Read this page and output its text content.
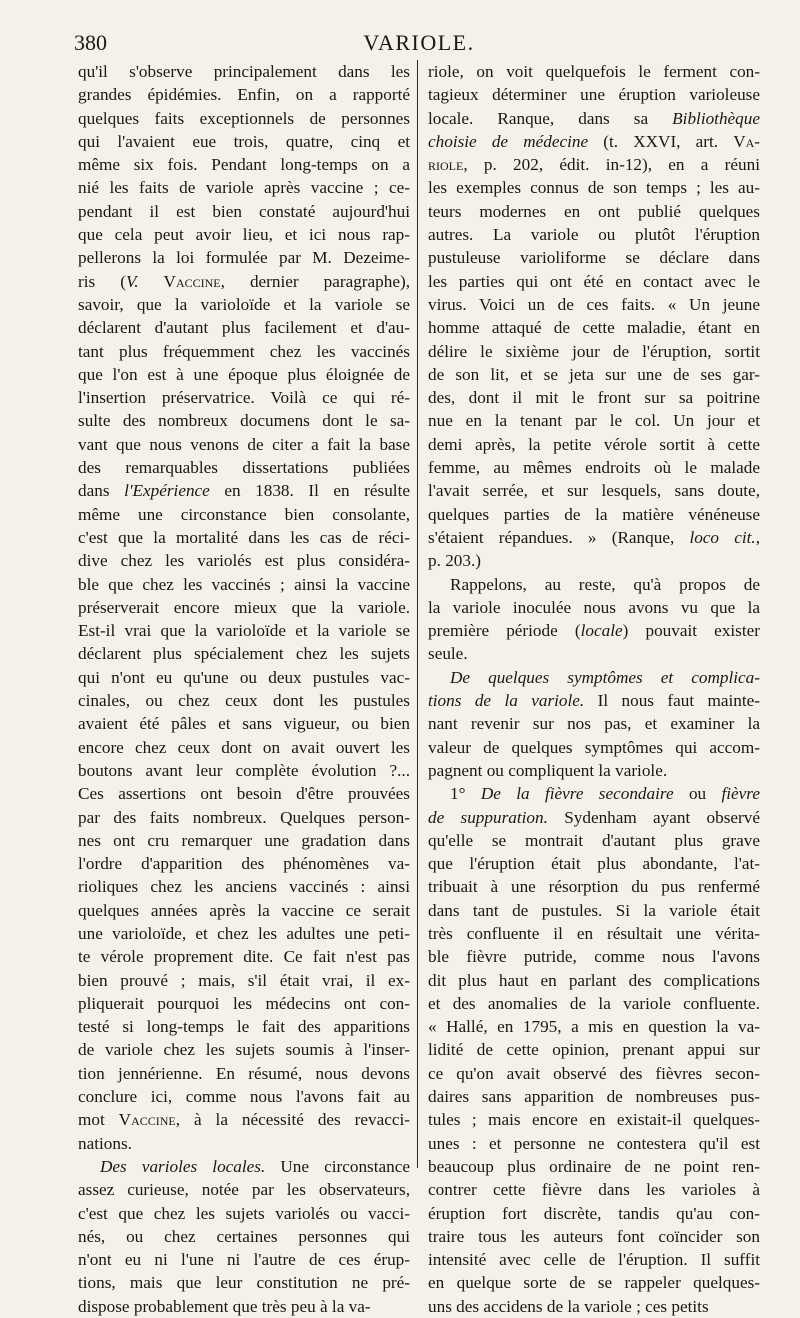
380	VARIOLE.
qu'il s'observe principalement dans les
grandes épidémies. Enfin, on a rapporté
quelques faits exceptionnels de personnes
qui l'avaient eue trois, quatre, cinq et
même six fois. Pendant long-temps on a
nié les faits de variole après vaccine ; ce-
pendant il est bien constaté aujourd'hui
que cela peut avoir lieu, et ici nous rap-
pellerons la loi formulée par M. Dezeime-
ris (V. Vaccine, dernier paragraphe),
savoir, que la varioloïde et la variole se
déclarent d'autant plus facilement et d'au-
tant plus fréquemment chez les vaccinés
que l'on est à une époque plus éloignée de
l'insertion préservatrice. Voilà ce qui ré-
sulte des nombreux documens dont le sa-
vant que nous venons de citer a fait la base
des remarquables dissertations publiées
dans l'Expérience en 1838. Il en résulte
même une circonstance bien consolante,
c'est que la mortalité dans les cas de réci-
dive chez les variolés est plus considéra-
ble que chez les vaccinés ; ainsi la vaccine
préserverait encore mieux que la variole.
Est-il vrai que la varioloïde et la variole se
déclarent plus spécialement chez les sujets
qui n'ont eu qu'une ou deux pustules vac-
cinales, ou chez ceux dont les pustules
avaient été pâles et sans vigueur, ou bien
encore chez ceux dont on avait ouvert les
boutons avant leur complète évolution ?...
Ces assertions ont besoin d'être prouvées
par des faits nombreux. Quelques person-
nes ont cru remarquer une gradation dans
l'ordre d'apparition des phénomènes va-
rioliques chez les anciens vaccinés : ainsi
quelques années après la vaccine ce serait
une varioloïde, et chez les adultes une peti-
te vérole proprement dite. Ce fait n'est pas
bien prouvé ; mais, s'il était vrai, il ex-
pliquerait pourquoi les médecins ont con-
testé si long-temps le fait des apparitions
de variole chez les sujets soumis à l'inser-
tion jennérienne. En résumé, nous devons
conclure ici, comme nous l'avons fait au
mot Vaccine, à la nécessité des revacci-
nations.
Des varioles locales. Une circonstance
assez curieuse, notée par les observateurs,
c'est que chez les sujets variolés ou vacci-
nés, ou chez certaines personnes qui
n'ont eu ni l'une ni l'autre de ces érup-
tions, mais que leur constitution ne pré-
dispose probablement que très peu à la va-
riole, on voit quelquefois le ferment con-
tagieux déterminer une éruption varioleuse
locale. Ranque, dans sa Bibliothèque
choisie de médecine (t. XXVI, art. Va-
riole, p. 202, édit. in-12), en a réuni
les exemples connus de son temps ; les au-
teurs modernes en ont publié quelques
autres. La variole ou plutôt l'éruption
pustuleuse varioliforme se déclare dans
les parties qui ont été en contact avec le
virus. Voici un de ces faits. « Un jeune
homme attaqué de cette maladie, étant en
délire le sixième jour de l'éruption, sortit
de son lit, et se jeta sur une de ses gar-
des, dont il mit le front sur sa poitrine
nue en la tenant par le col. Un jour et
demi après, la petite vérole sortit à cette
femme, au mêmes endroits où le malade
l'avait serrée, et sur lesquels, sans doute,
quelques parties de la matière vénéneuse
s'étaient répandues. » (Ranque, loco cit.,
p. 203.)
Rappelons, au reste, qu'à propos de
la variole inoculée nous avons vu que la
première période (locale) pouvait exister
seule.
De quelques symptômes et complica-
tions de la variole. Il nous faut mainte-
nant revenir sur nos pas, et examiner la
valeur de quelques symptômes qui accom-
pagnent ou compliquent la variole.
1° De la fièvre secondaire ou fièvre
de suppuration. Sydenham ayant observé
qu'elle se montrait d'autant plus grave
que l'éruption était plus abondante, l'at-
tribuait à une résorption du pus renfermé
dans tant de pustules. Si la variole était
très confluente il en résultait une vérita-
ble fièvre putride, comme nous l'avons
dit plus haut en parlant des complications
et des anomalies de la variole confluente.
« Hallé, en 1795, a mis en question la va-
lidité de cette opinion, prenant appui sur
ce qu'on avait observé des fièvres secon-
daires sans apparition de nombreuses pus-
tules ; mais encore en existait-il quelques-
unes : et personne ne contestera qu'il est
beaucoup plus ordinaire de ne point ren-
contrer cette fièvre dans les varioles à
éruption fort discrète, tandis qu'au con-
traire tous les auteurs font coïncider son
intensité avec celle de l'éruption. Il suffit
en quelque sorte de se rappeler quelques-
uns des accidens de la variole ; ces petits
